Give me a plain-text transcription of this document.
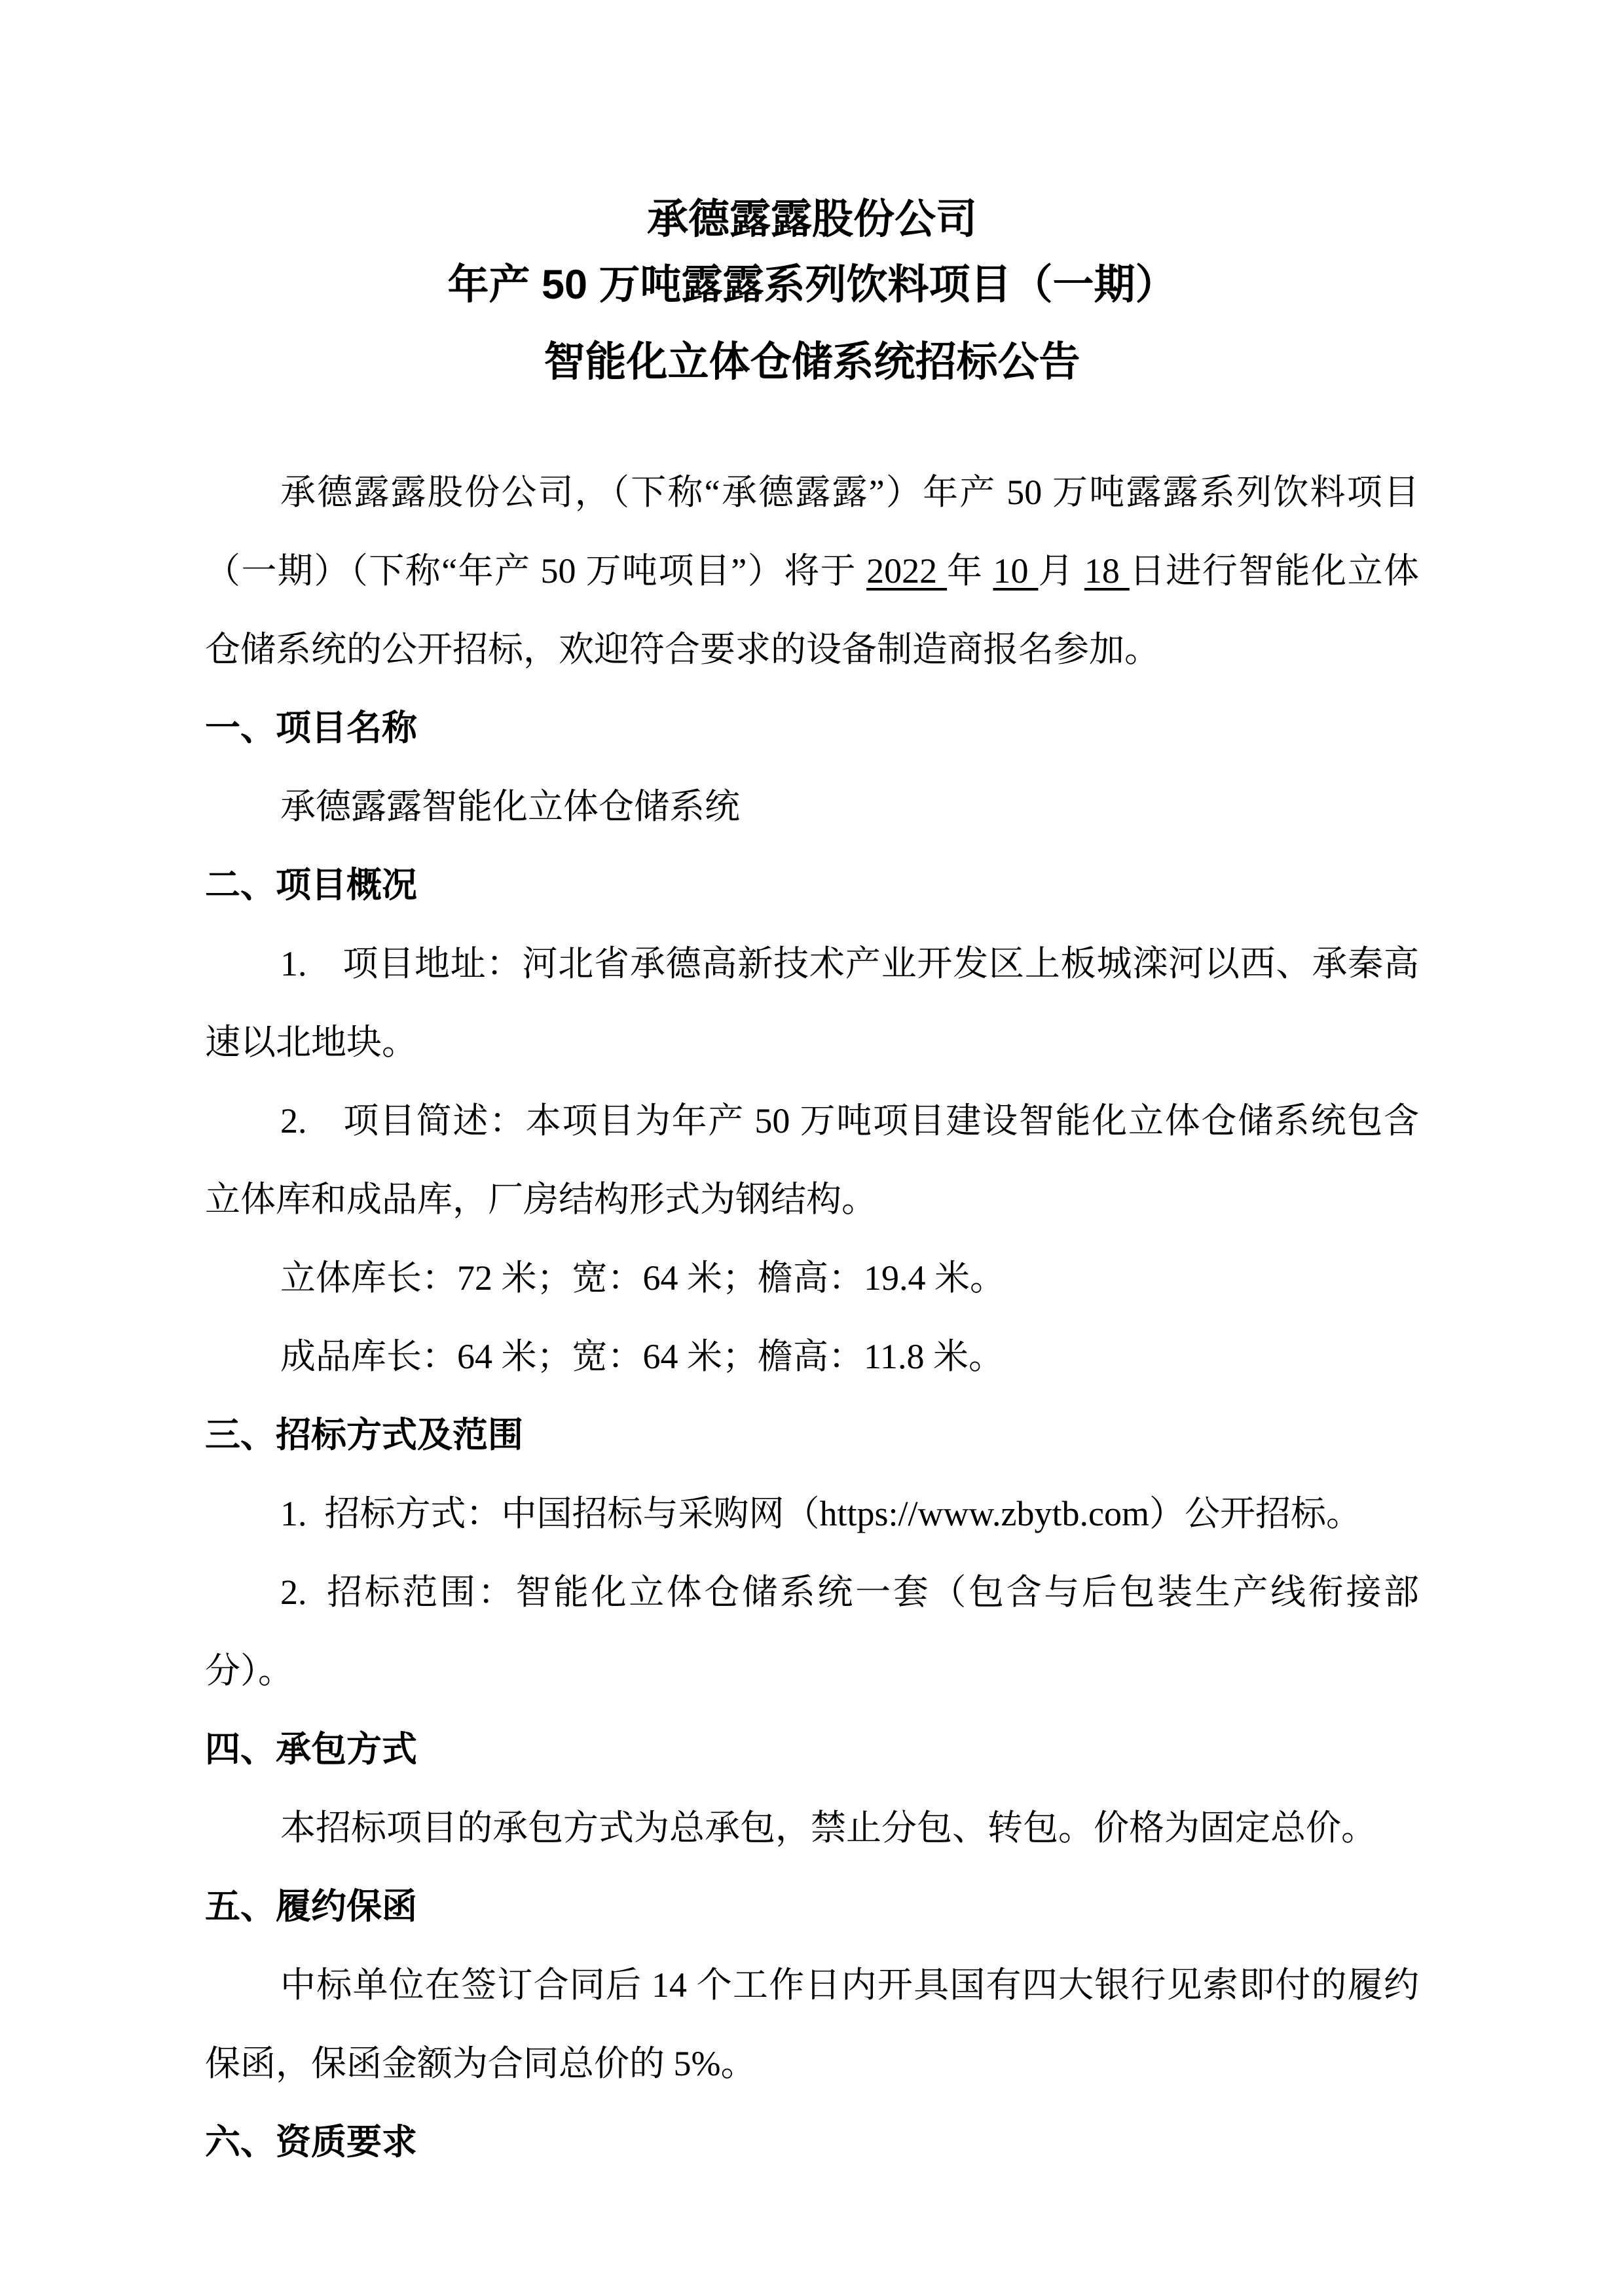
承德露露股份公司
年产 50 万吨露露系列饮料项目（一期）
智能化立体仓储系统招标公告

承德露露股份公司，（下称“承德露露”）年产 50 万吨露露系列饮料项目（一期）（下称“年产 50 万吨项目”）将于 2022 年 10 月 18 日进行智能化立体仓储系统的公开招标，欢迎符合要求的设备制造商报名参加。

一、项目名称

承德露露智能化立体仓储系统

二、项目概况

1. 项目地址：河北省承德高新技术产业开发区上板城滦河以西、承秦高速以北地块。

2. 项目简述：本项目为年产 50 万吨项目建设智能化立体仓储系统包含立体库和成品库，厂房结构形式为钢结构。

立体库长：72 米；宽：64 米；檐高：19.4 米。

成品库长：64 米；宽：64 米；檐高：11.8 米。

三、招标方式及范围

1. 招标方式：中国招标与采购网（https://www.zbytb.com）公开招标。

2. 招标范围：智能化立体仓储系统一套（包含与后包装生产线衔接部分）。

四、承包方式

本招标项目的承包方式为总承包，禁止分包、转包。价格为固定总价。

五、履约保函

中标单位在签订合同后 14 个工作日内开具国有四大银行见索即付的履约保函，保函金额为合同总价的 5%。

六、资质要求
